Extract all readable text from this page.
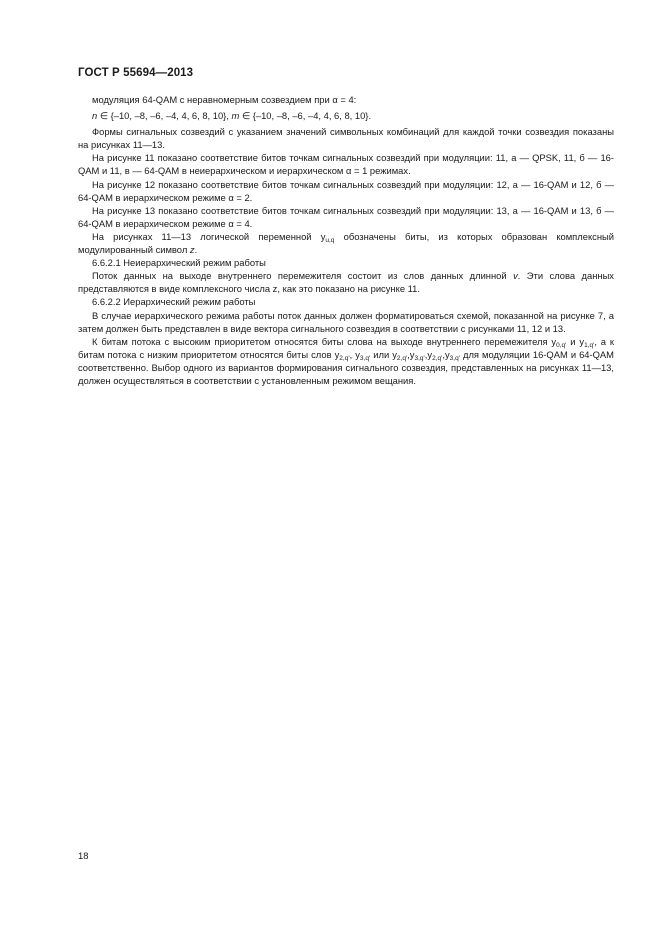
ГОСТ Р 55694—2013

модуляция 64-QAM с неравномерным созвездием при α = 4:

n ∈ {–10, –8, –6, –4, 4, 6, 8, 10}, m ∈ {–10, –8, –6, –4, 4, 6, 8, 10}.

Формы сигнальных созвездий с указанием значений символьных комбинаций для каждой точки созвездия показаны на рисунках 11—13.

На рисунке 11 показано соответствие битов точкам сигнальных созвездий при модуляции: 11, а — QPSK, 11, б — 16-QAM и 11, в — 64-QAM в неиерархическом и иерархическом α = 1 режимах.

На рисунке 12 показано соответствие битов точкам сигнальных созвездий при модуляции: 12, а — 16-QAM и 12, б — 64-QAM в иерархическом режиме α = 2.

На рисунке 13 показано соответствие битов точкам сигнальных созвездий при модуляции: 13, а — 16-QAM и 13, б — 64-QAM в иерархическом режиме α = 4.

На рисунках 11—13 логической переменной $y_{u,q}$ обозначены биты, из которых образован комплексный модулированный символ z.

6.6.2.1 Неиерархический режим работы

Поток данных на выходе внутреннего перемежителя состоит из слов данных длинной v. Эти слова данных представляются в виде комплексного числа z, как это показано на рисунке 11.

6.6.2.2 Иерархический режим работы

В случае иерархического режима работы поток данных должен форматироваться схемой, показанной на рисунке 7, а затем должен быть представлен в виде вектора сигнального созвездия в соответствии с рисунками 11, 12 и 13.

К битам потока с высоким приоритетом относятся биты слова на выходе внутреннего перемежителя $y_{0,q'}$ и $y_{1,q'}$, а к битам потока с низким приоритетом относятся биты слов $y_{2,q'}$, $y_{3,q'}$ или $y_{2,q'},y_{3,q'},y_{2,q'},y_{3,q'}$ для модуляции 16-QAM и 64-QAM соответственно. Выбор одного из вариантов формирования сигнального созвездия, представленных на рисунках 11—13, должен осуществляться в соответствии с установленным режимом вещания.

18
